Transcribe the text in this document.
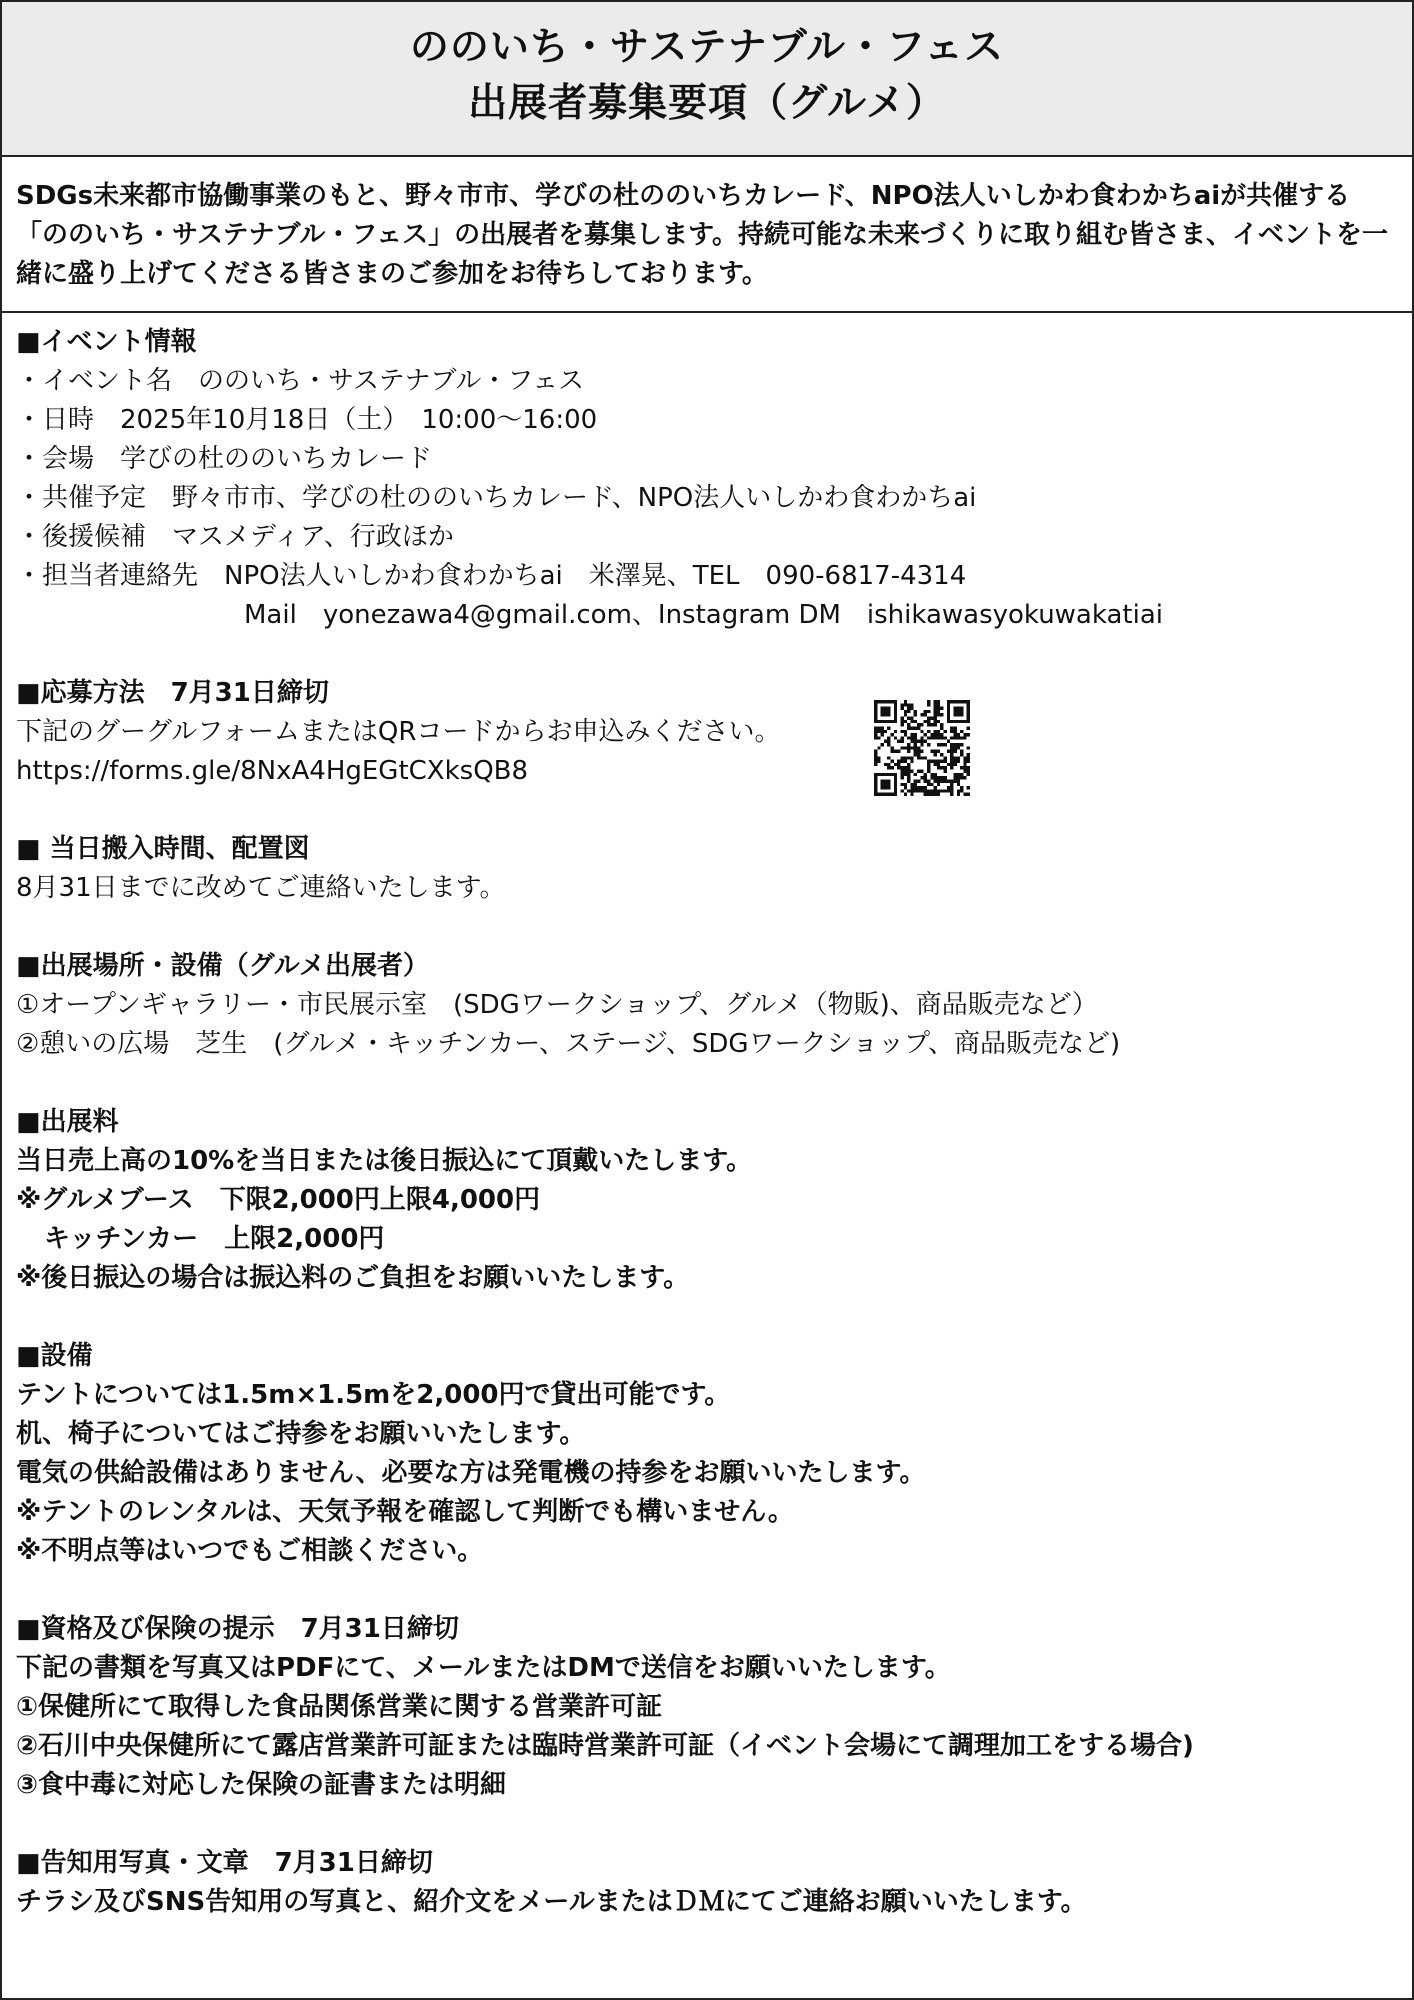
ののいち・サステナブル・フェス
出展者募集要項（グルメ）
SDGs未来都市協働事業のもと、野々市市、学びの杜ののいちカレード、NPO法人いしかわ食わかちaiが共催する「ののいち・サステナブル・フェス」の出展者を募集します。持続可能な未来づくりに取り組む皆さま、イベントを一緒に盛り上げてくださる皆さまのご参加をお待ちしております。
■イベント情報
・イベント名　ののいち・サステナブル・フェス
・日時　2025年10月18日（土）　10:00〜16:00
・会場　学びの杜ののいちカレード
・共催予定　野々市市、学びの杜ののいちカレード、NPO法人いしかわ食わかちai
・後援候補　マスメディア、行政ほか
・担当者連絡先　NPO法人いしかわ食わかちai　米澤晃、TEL　090-6817-4314
Mail　yonezawa4@gmail.com、Instagram DM　ishikawasyokuwakatiai
■応募方法　7月31日締切
下記のグーグルフォームまたはQRコードからお申込みください。
https://forms.gle/8NxA4HgEGtCXksQB8
■ 当日搬入時間、配置図
8月31日までに改めてご連絡いたします。
■出展場所・設備（グルメ出展者）
①オープンギャラリー・市民展示室　(SDGワークショップ、グルメ（物販)、商品販売など）
②憩いの広場　芝生　(グルメ・キッチンカー、ステージ、SDGワークショップ、商品販売など)
■出展料
当日売上高の10%を当日または後日振込にて頂戴いたします。
※グルメブース　下限2,000円上限4,000円
キッチンカー　上限2,000円
※後日振込の場合は振込料のご負担をお願いいたします。
■設備
テントについては1.5m×1.5mを2,000円で貸出可能です。
机、椅子についてはご持参をお願いいたします。
電気の供給設備はありません、必要な方は発電機の持参をお願いいたします。
※テントのレンタルは、天気予報を確認して判断でも構いません。
※不明点等はいつでもご相談ください。
■資格及び保険の提示　7月31日締切
下記の書類を写真又はPDFにて、メールまたはDMで送信をお願いいたします。
①保健所にて取得した食品関係営業に関する営業許可証
②石川中央保健所にて露店営業許可証または臨時営業許可証（イベント会場にて調理加工をする場合)
③食中毒に対応した保険の証書または明細
■告知用写真・文章　7月31日締切
チラシ及びSNS告知用の写真と、紹介文をメールまたはＤＭにてご連絡お願いいたします。
